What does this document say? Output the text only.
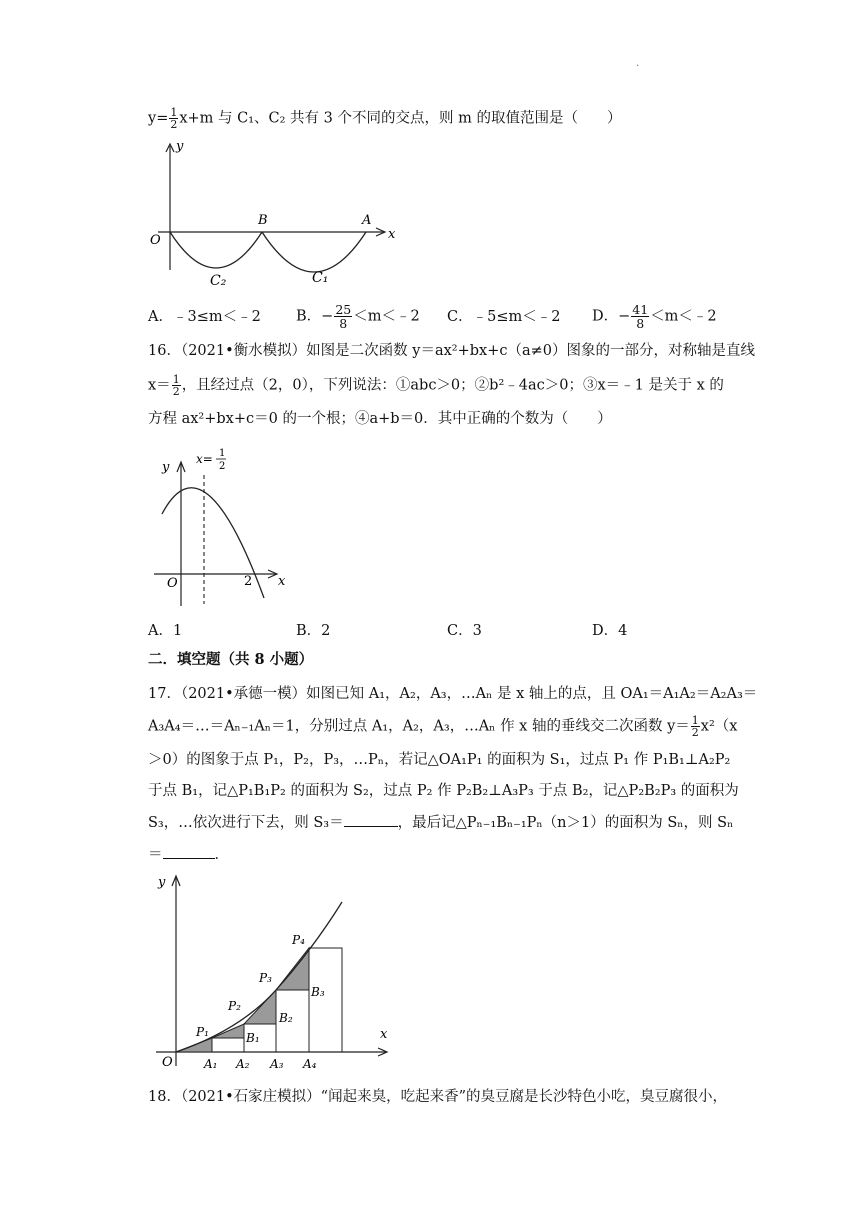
.
$y= \frac{1}{2} x+m$ 与 C₁、C₂ 共有 3 个不同的交点，则 m 的取值范围是（　　）
y
x
O
B	A
C₂	C₁
A．﹣3≤m＜﹣2 B．− $\frac{25}{8}$ ＜m＜﹣2 C．﹣5≤m＜﹣2 D．− $\frac{41}{8}$ ＜m＜﹣2
16．（2021•衡水模拟）如图是二次函数 y＝ax²+bx+c（a≠0）图象的一部分，对称轴是直线
$x= \frac{1}{2}$ ，且经过点（2，0），下列说法：①abc＞0；②b²﹣4ac＞0；③x＝﹣1 是关于 x 的
方程 ax²+bx+c＝0 的一个根；④a+b＝0．其中正确的个数为（　　）
y
x
O	2
x= 1
2
A．1	B．2	C．3	D．4
二．填空题（共 8 小题）
17．（2021•承德一模）如图已知 A₁，A₂，A₃，…Aₙ 是 x 轴上的点，且 OA₁＝A₁A₂＝A₂A₃＝
A₃A₄＝…＝Aₙ₋₁Aₙ＝1，分别过点 A₁，A₂，A₃，…Aₙ 作 x 轴的垂线交二次函数 $y= \frac{1}{2} x^2(x$
＞0）的图象于点 P₁，P₂，P₃，…Pₙ，若记△OA₁P₁ 的面积为 S₁，过点 P₁ 作 P₁B₁⊥A₂P₂
于点 B₁，记△P₁B₁P₂ 的面积为 S₂，过点 P₂ 作 P₂B₂⊥A₃P₃ 于点 B₂，记△P₂B₂P₃ 的面积为
S₃，…依次进行下去，则 S₃＝	，最后记△Pₙ₋₁Bₙ₋₁Pₙ（n＞1）的面积为 Sₙ，则 Sₙ
＝	．
y
x
O	A₁ A₂ A₃ A₄
P₁
P₂
P₃
P₄
B₁
B₂
B₃
18．（2021•石家庄模拟）“闻起来臭，吃起来香”的臭豆腐是长沙特色小吃，臭豆腐很小，
